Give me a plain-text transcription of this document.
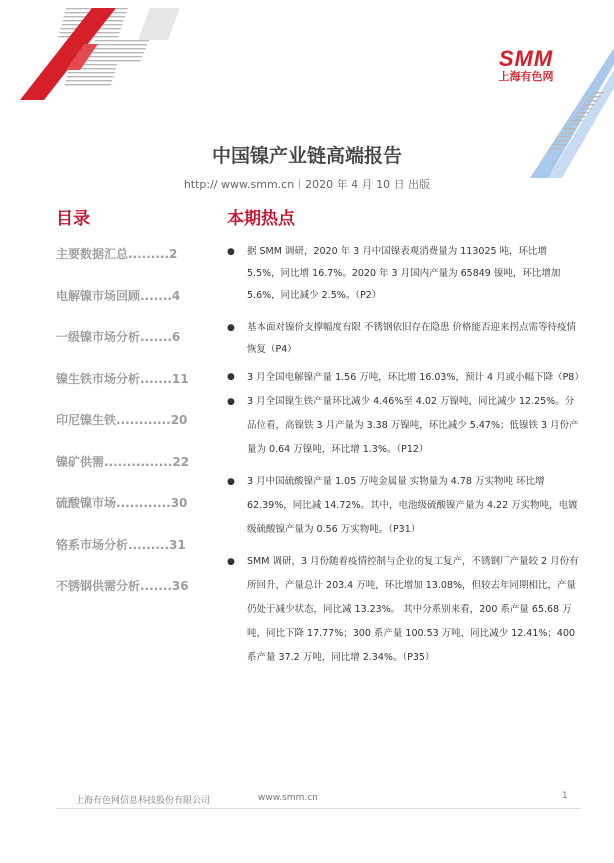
SMM
上海有色网
中国镍产业链高端报告
http:// www.smm.cn｜2020 年 4 月 10 日 出版
目录	本期热点
主要数据汇总.........2
电解镍市场回顾.......4
一级镍市场分析.......6
镍生铁市场分析.......11
印尼镍生铁............20
镍矿供需...............22
硫酸镍市场............30
铬系市场分析.........31
不锈钢供需分析.......36
● 据 SMM 调研，2020 年 3 月中国镍表观消费量为 113025 吨，环比增 5.5%，同比增 16.7%。2020 年 3 月国内产量为 65849 镍吨，环比增加 5.6%，同比减少 2.5%。（P2）
● 基本面对镍价支撑幅度有限 不锈钢依旧存在隐患 价格能否迎来拐点需等待疫情恢复（P4）
● 3 月全国电解镍产量 1.56 万吨，环比增 16.03%，预计 4 月或小幅下降（P8）
● 3 月全国镍生铁产量环比减少 4.46%至 4.02 万镍吨，同比减少 12.25%。分品位看，高镍铁 3 月产量为 3.38 万镍吨，环比减少 5.47%；低镍铁 3 月份产量为 0.64 万镍吨，环比增 1.3%。（P12）
● 3 月中国硫酸镍产量 1.05 万吨金属量 实物量为 4.78 万实物吨 环比增 62.39%，同比减 14.72%。其中，电池级硫酸镍产量为 4.22 万实物吨，电镀级硫酸镍产量为 0.56 万实物吨。（P31）
● SMM 调研，3 月份随着疫情控制与企业的复工复产，不锈钢厂产量较 2 月份有所回升，产量总计 203.4 万吨，环比增加 13.08%，但较去年同期相比，产量仍处于减少状态，同比减 13.23%。 其中分系别来看，200 系产量 65.68 万吨，同比下降 17.77%；300 系产量 100.53 万吨，同比减少 12.41%；400 系产量 37.2 万吨，同比增 2.34%。（P35）
上海有色网信息科技股份有限公司	www.smm.cn	1
